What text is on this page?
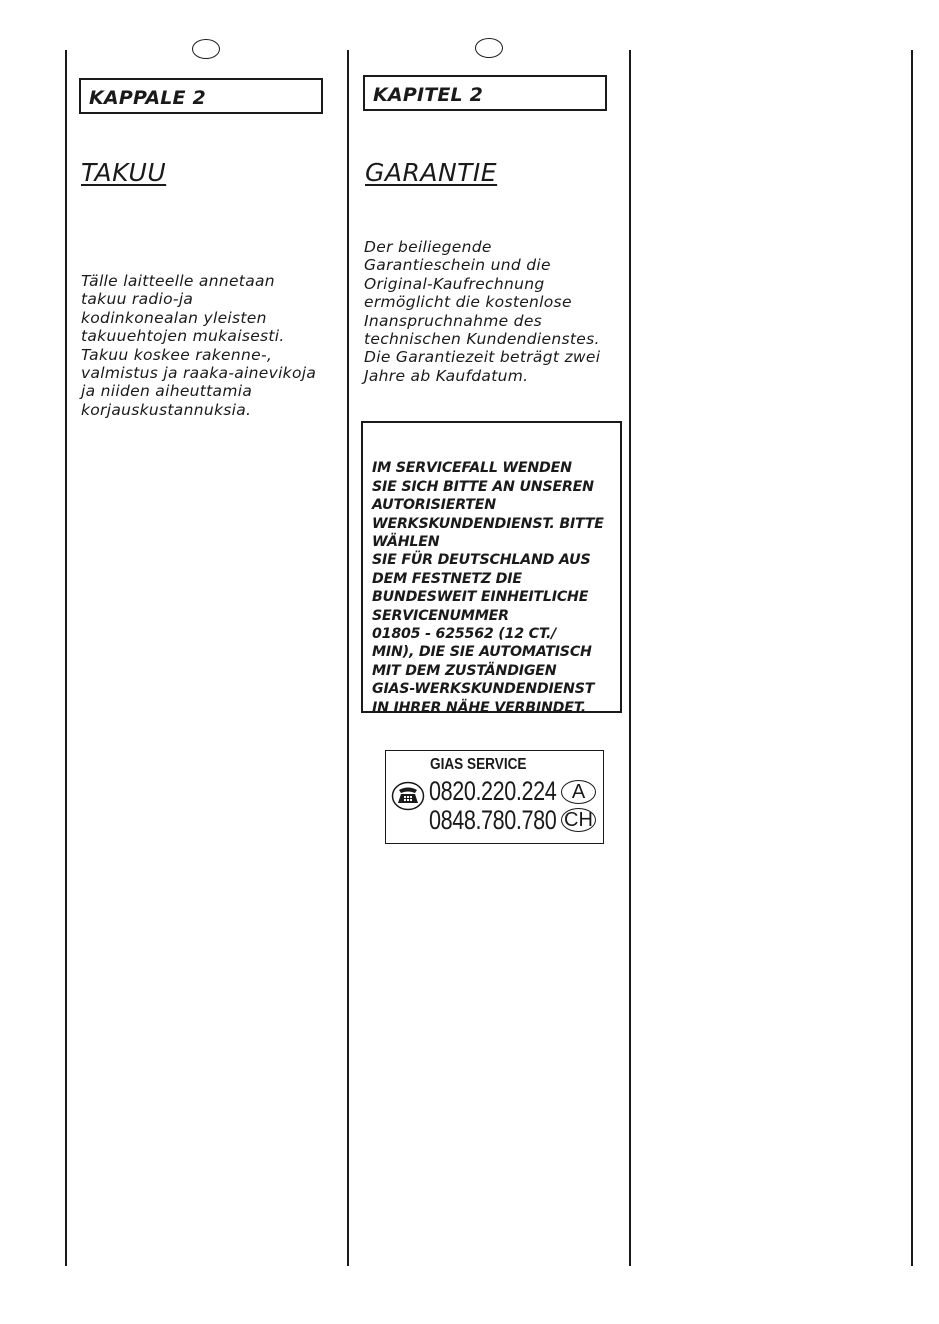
KAPPALE 2
TAKUU
Tälle laitteelle annetaan
takuu radio-ja
kodinkonealan yleisten
takuuehtojen mukaisesti.
Takuu koskee rakenne-,
valmistus ja raaka-ainevikoja
ja niiden aiheuttamia
korjauskustannuksia.
KAPITEL 2
GARANTIE
Der beiliegende
Garantieschein und die
Original-Kaufrechnung
ermöglicht die kostenlose
Inanspruchnahme des
technischen Kundendienstes.
Die Garantiezeit beträgt zwei
Jahre ab Kaufdatum.

IM SERVICEFALL WENDEN
SIE SICH BITTE AN UNSEREN
AUTORISIERTEN
WERKSKUNDENDIENST. BITTE
WÄHLEN
SIE FÜR DEUTSCHLAND AUS
DEM FESTNETZ DIE
BUNDESWEIT EINHEITLICHE
SERVICENUMMER
01805 - 625562 (12 CT./
MIN), DIE SIE AUTOMATISCH
MIT DEM ZUSTÄNDIGEN
GIAS-WERKSKUNDENDIENST
IN IHRER NÄHE VERBINDET.

GIAS SERVICE
0820.220.224 A
0848.780.780 CH
